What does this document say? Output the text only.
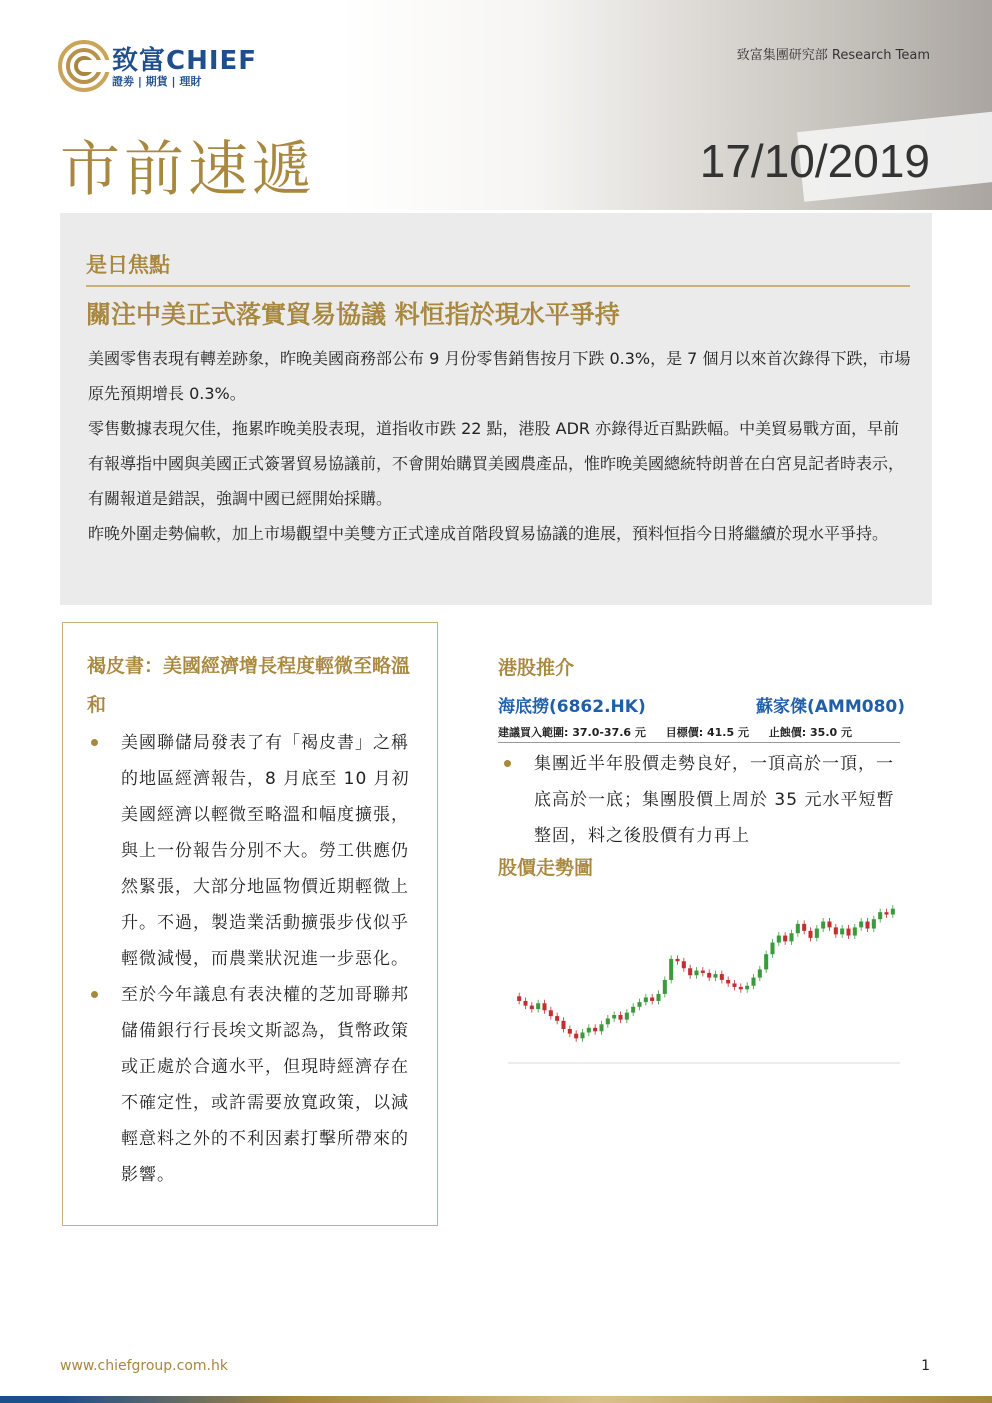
致富CHIEF
證劵 | 期貨 | 理財
致富集團研究部 Research Team
市前速遞	17/10/2019
是日焦點
關注中美正式落實貿易協議 料恒指於現水平爭持

美國零售表現有轉差跡象，昨晚美國商務部公布 9 月份零售銷售按月下跌 0.3%，是 7 個月以來首次錄得下跌，市場原先預期增長 0.3%。

零售數據表現欠佳，拖累昨晚美股表現，道指收市跌 22 點，港股 ADR 亦錄得近百點跌幅。中美貿易戰方面，早前有報導指中國與美國正式簽署貿易協議前，不會開始購買美國農產品，惟昨晚美國總統特朗普在白宮見記者時表示，有關報道是錯誤，強調中國已經開始採購。

昨晚外圍走勢偏軟，加上市場觀望中美雙方正式達成首階段貿易協議的進展，預料恒指今日將繼續於現水平爭持。

褐皮書：美國經濟增長程度輕微至略溫和
美國聯儲局發表了有「褐皮書」之稱的地區經濟報告，8 月底至 10 月初美國經濟以輕微至略溫和幅度擴張，與上一份報告分別不大。勞工供應仍然緊張，大部分地區物價近期輕微上升。不過，製造業活動擴張步伐似乎輕微減慢，而農業狀況進一步惡化。
至於今年議息有表決權的芝加哥聯邦儲備銀行行長埃文斯認為，貨幣政策或正處於合適水平，但現時經濟存在不確定性，或許需要放寬政策，以減輕意料之外的不利因素打擊所帶來的影響。
港股推介
海底撈(6862.HK)	蘇家傑(AMM080)
建議買入範圍: 37.0-37.6 元 目標價: 41.5 元 止蝕價: 35.0 元
集團近半年股價走勢良好，一頂高於一頂，一底高於一底；集團股價上周於 35 元水平短暫整固，料之後股價有力再上
股價走勢圖
www.chiefgroup.com.hk	1
